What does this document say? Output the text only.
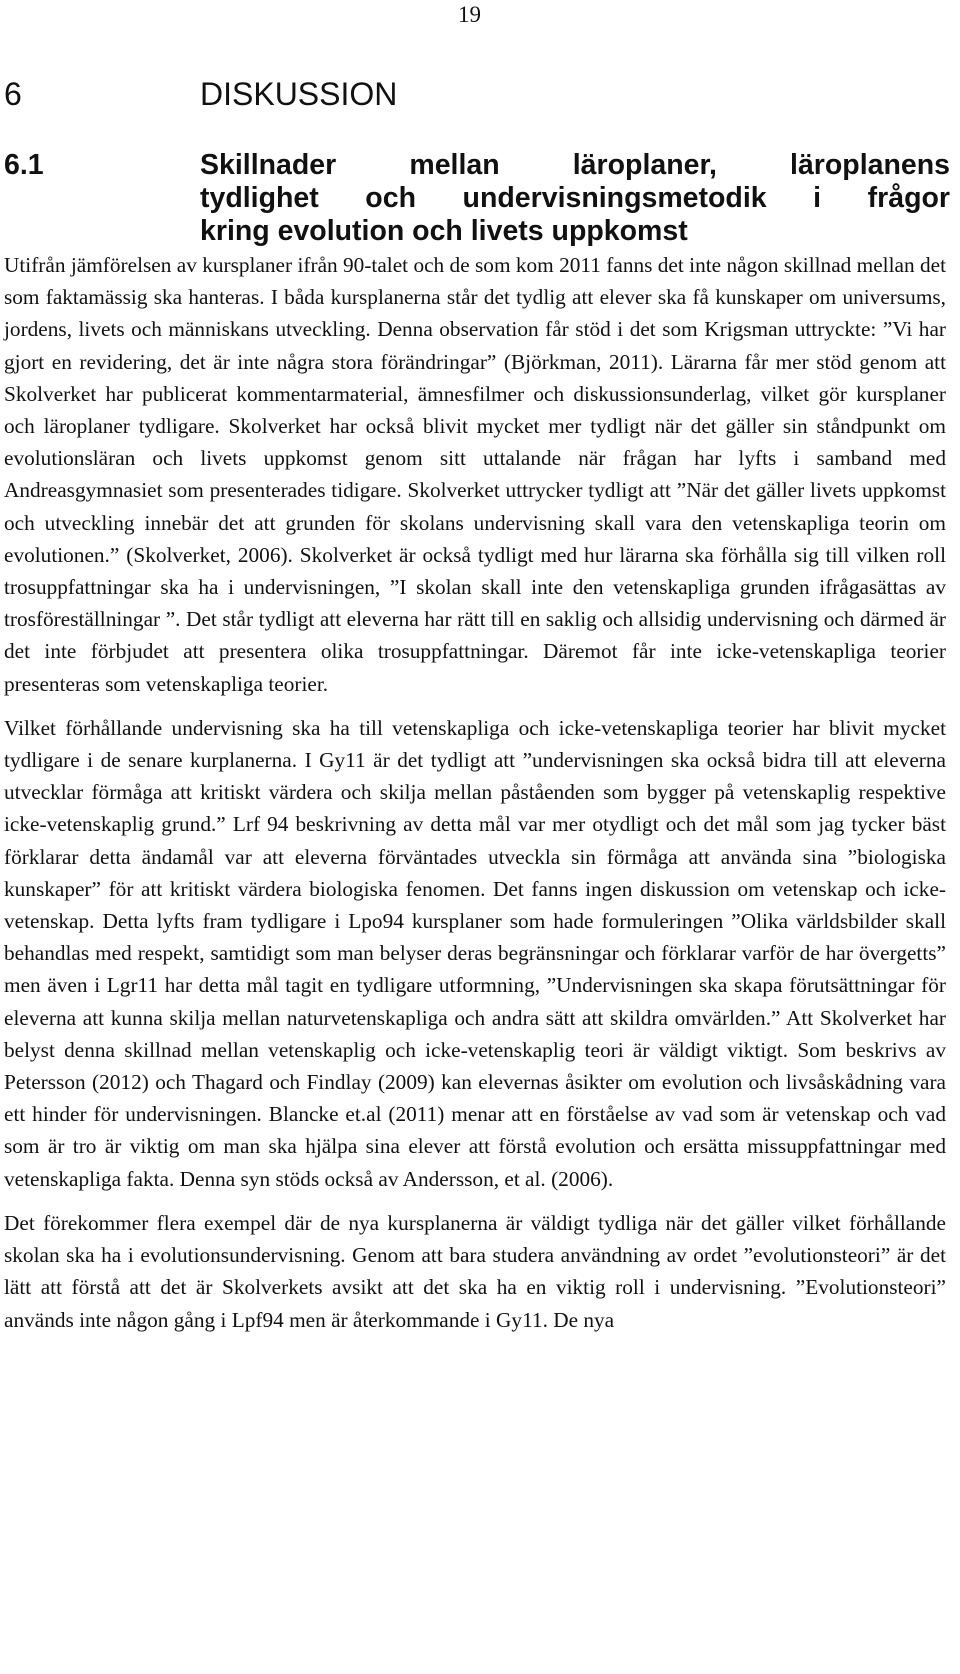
19
6	DISKUSSION
6.1	Skillnader mellan läroplaner, läroplanens
tydlighet och undervisningsmetodik i frågor
kring evolution och livets uppkomst

Utifrån jämförelsen av kursplaner ifrån 90-talet och de som kom 2011 fanns det inte någon skillnad mellan det som faktamässig ska hanteras. I båda kursplanerna står det tydlig att elever ska få kunskaper om universums, jordens, livets och människans utveckling. Denna observation får stöd i det som Krigsman uttryckte: ”Vi har gjort en revidering, det är inte några stora förändringar” (Björkman, 2011). Lärarna får mer stöd genom att Skolverket har publicerat kommentarmaterial, ämnesfilmer och diskussionsunderlag, vilket gör kursplaner och läroplaner tydligare. Skolverket har också blivit mycket mer tydligt när det gäller sin ståndpunkt om evolutionsläran och livets uppkomst genom sitt uttalande när frågan har lyfts i samband med Andreasgymnasiet som presenterades tidigare. Skolverket uttrycker tydligt att ”När det gäller livets uppkomst och utveckling innebär det att grunden för skolans undervisning skall vara den vetenskapliga teorin om evolutionen.” (Skolverket, 2006). Skolverket är också tydligt med hur lärarna ska förhålla sig till vilken roll trosuppfattningar ska ha i undervisningen, ”I skolan skall inte den vetenskapliga grunden ifrågasättas av trosföreställningar ”. Det står tydligt att eleverna har rätt till en saklig och allsidig undervisning och därmed är det inte förbjudet att presentera olika trosuppfattningar. Däremot får inte icke-vetenskapliga teorier presenteras som vetenskapliga teorier.

Vilket förhållande undervisning ska ha till vetenskapliga och icke-vetenskapliga teorier har blivit mycket tydligare i de senare kurplanerna. I Gy11 är det tydligt att ”undervisningen ska också bidra till att eleverna utvecklar förmåga att kritiskt värdera och skilja mellan påståenden som bygger på vetenskaplig respektive icke-vetenskaplig grund.” Lrf 94 beskrivning av detta mål var mer otydligt och det mål som jag tycker bäst förklarar detta ändamål var att eleverna förväntades utveckla sin förmåga att använda sina ”biologiska kunskaper” för att kritiskt värdera biologiska fenomen. Det fanns ingen diskussion om vetenskap och icke-vetenskap. Detta lyfts fram tydligare i Lpo94 kursplaner som hade formuleringen ”Olika världsbilder skall behandlas med respekt, samtidigt som man belyser deras begränsningar och förklarar varför de har övergetts” men även i Lgr11 har detta mål tagit en tydligare utformning, ”Undervisningen ska skapa förutsättningar för eleverna att kunna skilja mellan naturvetenskapliga och andra sätt att skildra omvärlden.” Att Skolverket har belyst denna skillnad mellan vetenskaplig och icke-vetenskaplig teori är väldigt viktigt. Som beskrivs av Petersson (2012) och Thagard och Findlay (2009) kan elevernas åsikter om evolution och livsåskådning vara ett hinder för undervisningen. Blancke et.al (2011) menar att en förståelse av vad som är vetenskap och vad som är tro är viktig om man ska hjälpa sina elever att förstå evolution och ersätta missuppfattningar med vetenskapliga fakta. Denna syn stöds också av Andersson, et al. (2006).

Det förekommer flera exempel där de nya kursplanerna är väldigt tydliga när det gäller vilket förhållande skolan ska ha i evolutionsundervisning. Genom att bara studera användning av ordet ”evolutionsteori” är det lätt att förstå att det är Skolverkets avsikt att det ska ha en viktig roll i undervisning. ”Evolutionsteori” används inte någon gång i Lpf94 men är återkommande i Gy11. De nya
